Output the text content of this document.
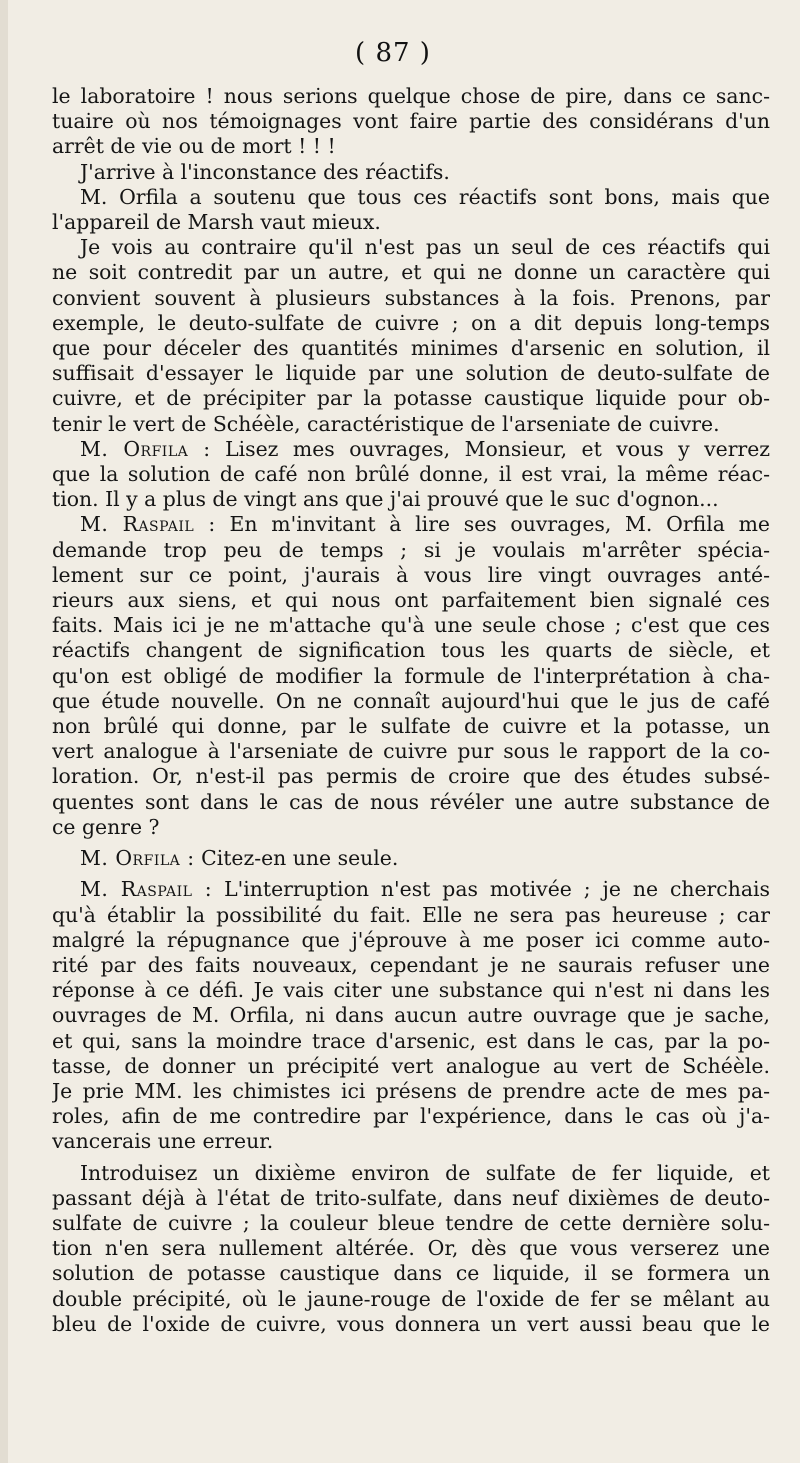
( 87 )

le laboratoire ! nous serions quelque chose de pire, dans ce sanc-
tuaire où nos témoignages vont faire partie des considérans d'un
arrêt de vie ou de mort ! ! !

J'arrive à l'inconstance des réactifs.

M. Orfila a soutenu que tous ces réactifs sont bons, mais que
l'appareil de Marsh vaut mieux.

Je vois au contraire qu'il n'est pas un seul de ces réactifs qui
ne soit contredit par un autre, et qui ne donne un caractère qui
convient souvent à plusieurs substances à la fois. Prenons, par
exemple, le deuto-sulfate de cuivre ; on a dit depuis long-temps
que pour déceler des quantités minimes d'arsenic en solution, il
suffisait d'essayer le liquide par une solution de deuto-sulfate de
cuivre, et de précipiter par la potasse caustique liquide pour ob-
tenir le vert de Schéèle, caractéristique de l'arseniate de cuivre.

M. Orfila : Lisez mes ouvrages, Monsieur, et vous y verrez
que la solution de café non brûlé donne, il est vrai, la même réac-
tion. Il y a plus de vingt ans que j'ai prouvé que le suc d'ognon...

M. Raspail : En m'invitant à lire ses ouvrages, M. Orfila me
demande trop peu de temps ; si je voulais m'arrêter spécia-
lement sur ce point, j'aurais à vous lire vingt ouvrages anté-
rieurs aux siens, et qui nous ont parfaitement bien signalé ces
faits. Mais ici je ne m'attache qu'à une seule chose ; c'est que ces
réactifs changent de signification tous les quarts de siècle, et
qu'on est obligé de modifier la formule de l'interprétation à cha-
que étude nouvelle. On ne connaît aujourd'hui que le jus de café
non brûlé qui donne, par le sulfate de cuivre et la potasse, un
vert analogue à l'arseniate de cuivre pur sous le rapport de la co-
loration. Or, n'est-il pas permis de croire que des études subsé-
quentes sont dans le cas de nous révéler une autre substance de
ce genre ?

M. Orfila : Citez-en une seule.

M. Raspail : L'interruption n'est pas motivée ; je ne cherchais
qu'à établir la possibilité du fait. Elle ne sera pas heureuse ; car
malgré la répugnance que j'éprouve à me poser ici comme auto-
rité par des faits nouveaux, cependant je ne saurais refuser une
réponse à ce défi. Je vais citer une substance qui n'est ni dans les
ouvrages de M. Orfila, ni dans aucun autre ouvrage que je sache,
et qui, sans la moindre trace d'arsenic, est dans le cas, par la po-
tasse, de donner un précipité vert analogue au vert de Schéèle.
Je prie MM. les chimistes ici présens de prendre acte de mes pa-
roles, afin de me contredire par l'expérience, dans le cas où j'a-
vancerais une erreur.

Introduisez un dixième environ de sulfate de fer liquide, et
passant déjà à l'état de trito-sulfate, dans neuf dixièmes de deuto-
sulfate de cuivre ; la couleur bleue tendre de cette dernière solu-
tion n'en sera nullement altérée. Or, dès que vous verserez une
solution de potasse caustique dans ce liquide, il se formera un
double précipité, où le jaune-rouge de l'oxide de fer se mêlant au
bleu de l'oxide de cuivre, vous donnera un vert aussi beau que le
